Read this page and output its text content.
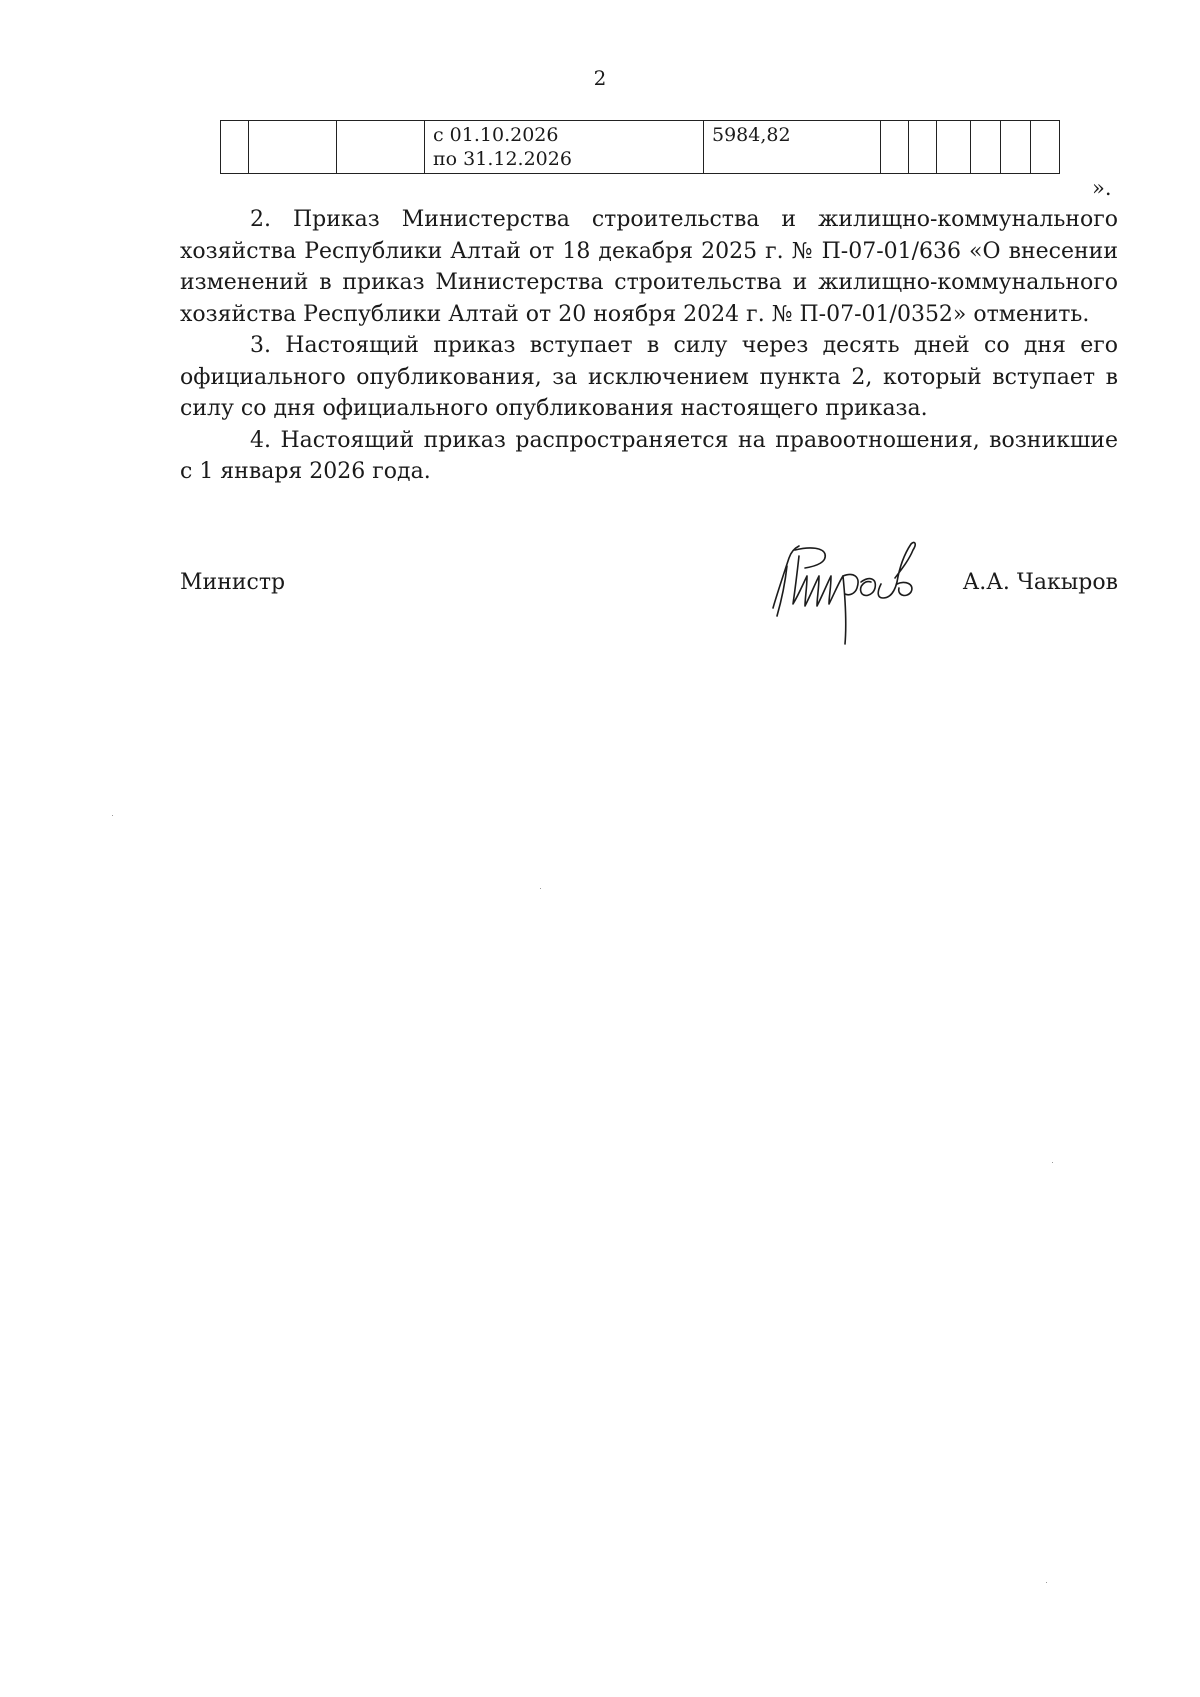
2

с 01.10.2026
по 31.12.2026
	5984,82						
».

2. Приказ Министерства строительства и жилищно-коммунального хозяйства Республики Алтай от 18 декабря 2025 г. № П-07-01/636 «О внесении изменений в приказ Министерства строительства и жилищно-коммунального хозяйства Республики Алтай от 20 ноября 2024 г. № П-07-01/0352» отменить.

3. Настоящий приказ вступает в силу через десять дней со дня его официального опубликования, за исключением пункта 2, который вступает в силу со дня официального опубликования настоящего приказа.

4. Настоящий приказ распространяется на правоотношения, возникшие с 1 января 2026 года.

Министр	А.А. Чакыров
